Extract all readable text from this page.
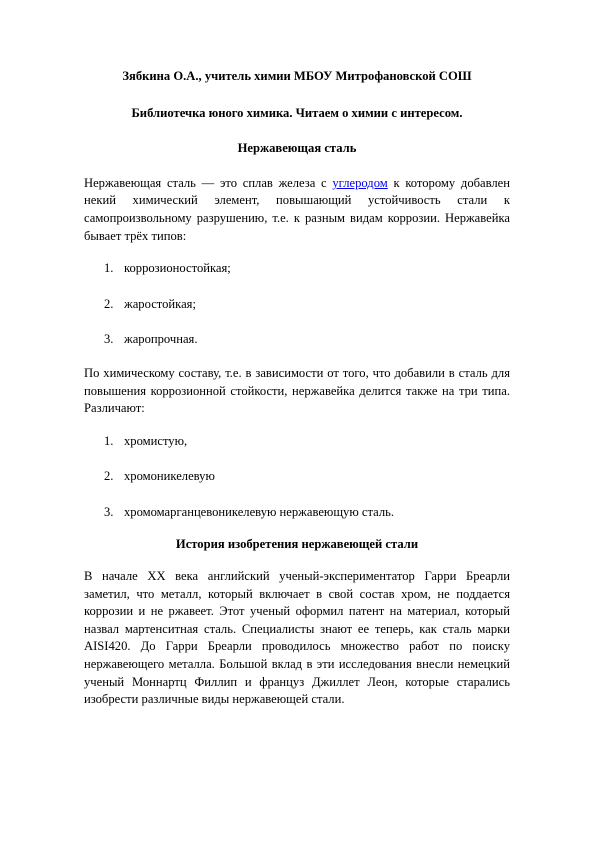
Зябкина О.А., учитель химии МБОУ Митрофановской СОШ

Библиотечка юного химика. Читаем о химии с интересом.

Нержавеющая сталь

Нержавеющая сталь — это сплав железа с углеродом к которому добавлен некий химический элемент, повышающий устойчивость стали к самопроизвольному разрушению, т.е. к разным видам коррозии. Нержавейка бывает трёх типов:

1. коррозионостойкая;
2. жаростойкая;
3. жаропрочная.

По химическому составу, т.е. в зависимости от того, что добавили в сталь для повышения коррозионной стойкости, нержавейка делится также на три типа. Различают:

1. хромистую,
2. хромоникелевую
3. хромомарганцевоникелевую нержавеющую сталь.

История изобретения нержавеющей стали

В начале XX века английский ученый-экспериментатор Гарри Бреарли заметил, что металл, который включает в свой состав хром, не поддается коррозии и не ржавеет. Этот ученый оформил патент на материал, который назвал мартенситная сталь. Специалисты знают ее теперь, как сталь марки AISI420. До Гарри Бреарли проводилось множество работ по поиску нержавеющего металла. Большой вклад в эти исследования внесли немецкий ученый Моннартц Филлип и француз Джиллет Леон, которые старались изобрести различные виды нержавеющей стали.
